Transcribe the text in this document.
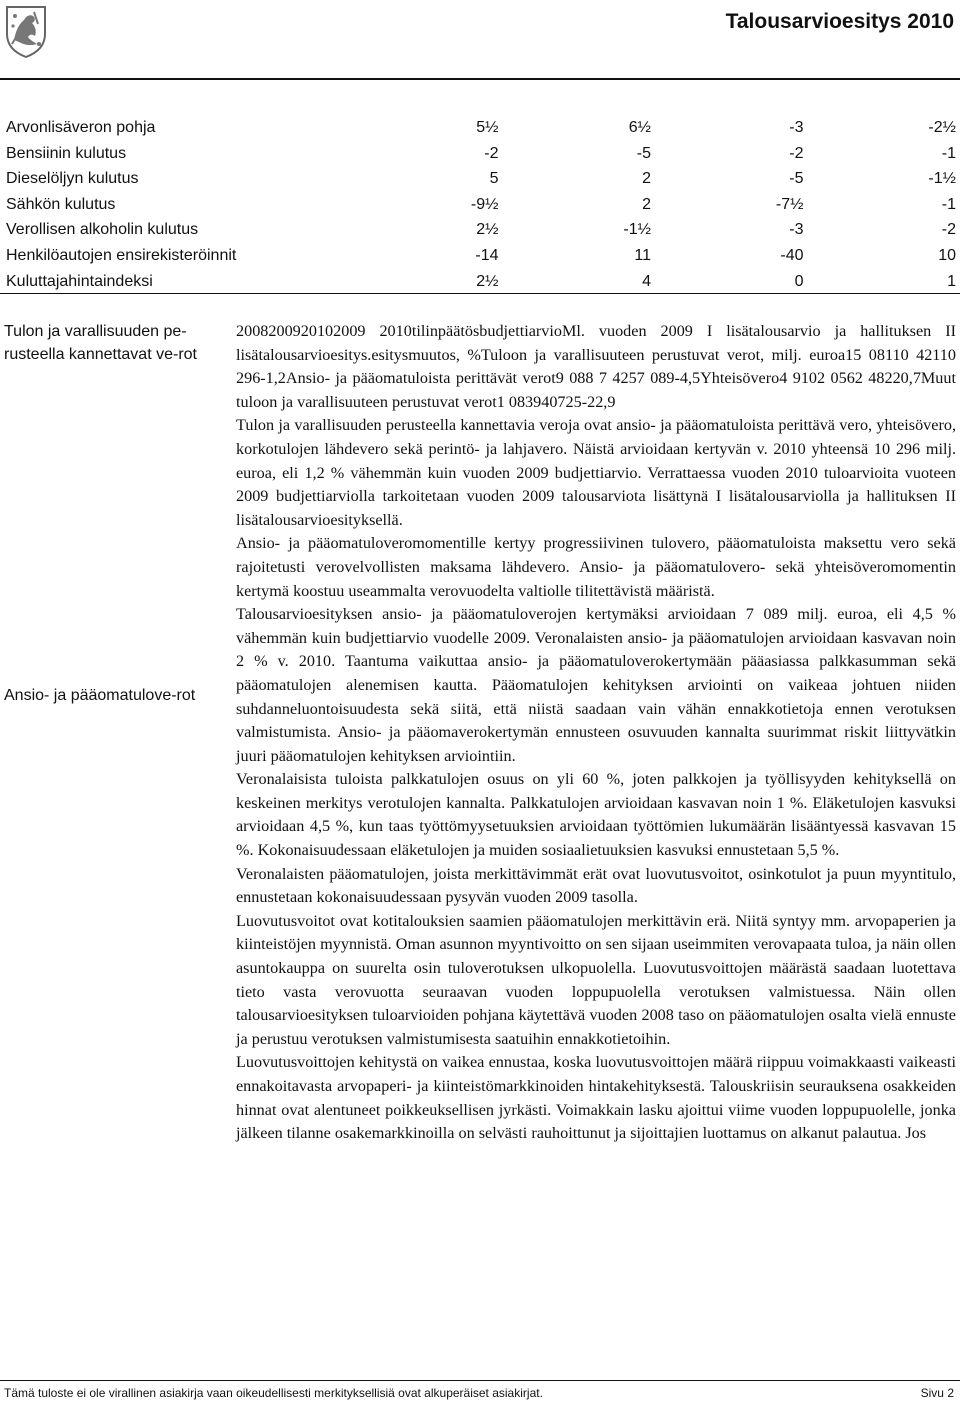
Talousarvioesitys 2010
Arvonlisäveron pohja	5½	6½	-3	-2½
Bensiinin kulutus	-2	-5	-2	-1
Dieselöljyn kulutus	5	2	-5	-1½
Sähkön kulutus	-9½	2	-7½	-1
Verollisen alkoholin kulutus	2½	-1½	-3	-2
Henkilöautojen ensirekisteröinnit	-14	11	-40	10
Kuluttajahintaindeksi	2½	4	0	1
Tulon ja varallisuuden pe-rusteella kannettavat ve-rot
Ansio- ja pääomatulove-rot

2008200920102009 2010tilinpäätösbudjettiarvioMl. vuoden 2009 I lisätalousarvio ja hallituksen II lisätalousarvioesitys.esitysmuutos, %Tuloon ja varallisuuteen perustuvat verot, milj. euroa15 08110 42110 296-1,2Ansio- ja pääomatuloista perittävät verot9 088 7 4257 089-4,5Yhteisövero4 9102 0562 48220,7Muut tuloon ja varallisuuteen perustuvat verot1 083940725-22,9

Tulon ja varallisuuden perusteella kannettavia veroja ovat ansio- ja pääomatuloista perittävä vero, yhteisövero, korkotulojen lähdevero sekä perintö- ja lahjavero. Näistä arvioidaan kertyvän v. 2010 yhteensä 10 296 milj. euroa, eli 1,2 % vähemmän kuin vuoden 2009 budjettiarvio. Verrattaessa vuoden 2010 tuloarvioita vuoteen 2009 budjettiarviolla tarkoitetaan vuoden 2009 talousarviota lisättynä I lisätalousarviolla ja hallituksen II lisätalousarvioesityksellä.

Ansio- ja pääomatuloveromomentille kertyy progressiivinen tulovero, pääomatuloista maksettu vero sekä rajoitetusti verovelvollisten maksama lähdevero. Ansio- ja pääomatulovero- sekä yhteisöveromomentin kertymä koostuu useammalta verovuodelta valtiolle tilitettävistä määristä.

Talousarvioesityksen ansio- ja pääomatuloverojen kertymäksi arvioidaan 7 089 milj. euroa, eli 4,5 % vähemmän kuin budjettiarvio vuodelle 2009. Veronalaisten ansio- ja pääomatulojen arvioidaan kasvavan noin 2 % v. 2010. Taantuma vaikuttaa ansio- ja pääomatuloverokertymään pääasiassa palkkasumman sekä pääomatulojen alenemisen kautta. Pääomatulojen kehityksen arviointi on vaikeaa johtuen niiden suhdanneluontoisuudesta sekä siitä, että niistä saadaan vain vähän ennakkotietoja ennen verotuksen valmistumista. Ansio- ja pääomaverokertymän ennusteen osuvuuden kannalta suurimmat riskit liittyvätkin juuri pääomatulojen kehityksen arviointiin.

Veronalaisista tuloista palkkatulojen osuus on yli 60 %, joten palkkojen ja työllisyyden kehityksellä on keskeinen merkitys verotulojen kannalta. Palkkatulojen arvioidaan kasvavan noin 1 %. Eläketulojen kasvuksi arvioidaan 4,5 %, kun taas työttömyysetuuksien arvioidaan työttömien lukumäärän lisääntyessä kasvavan 15 %. Kokonaisuudessaan eläketulojen ja muiden sosiaalietuuksien kasvuksi ennustetaan 5,5 %.

Veronalaisten pääomatulojen, joista merkittävimmät erät ovat luovutusvoitot, osinkotulot ja puun myyntitulo, ennustetaan kokonaisuudessaan pysyvän vuoden 2009 tasolla.

Luovutusvoitot ovat kotitalouksien saamien pääomatulojen merkittävin erä. Niitä syntyy mm. arvopaperien ja kiinteistöjen myynnistä. Oman asunnon myyntivoitto on sen sijaan useimmiten verovapaata tuloa, ja näin ollen asuntokauppa on suurelta osin tuloverotuksen ulkopuolella. Luovutusvoittojen määrästä saadaan luotettava tieto vasta verovuotta seuraavan vuoden loppupuolella verotuksen valmistuessa. Näin ollen talousarvioesityksen tuloarvioiden pohjana käytettävä vuoden 2008 taso on pääomatulojen osalta vielä ennuste ja perustuu verotuksen valmistumisesta saatuihin ennakkotietoihin.

Luovutusvoittojen kehitystä on vaikea ennustaa, koska luovutusvoittojen määrä riippuu voimakkaasti vaikeasti ennakoitavasta arvopaperi- ja kiinteistömarkkinoiden hintakehityksestä. Talouskriisin seurauksena osakkeiden hinnat ovat alentuneet poikkeuksellisen jyrkästi. Voimakkain lasku ajoittui viime vuoden loppupuolelle, jonka jälkeen tilanne osakemarkkinoilla on selvästi rauhoittunut ja sijoittajien luottamus on alkanut palautua. Jos

Tämä tuloste ei ole virallinen asiakirja vaan oikeudellisesti merkityksellisiä ovat alkuperäiset asiakirjat.	Sivu 2
